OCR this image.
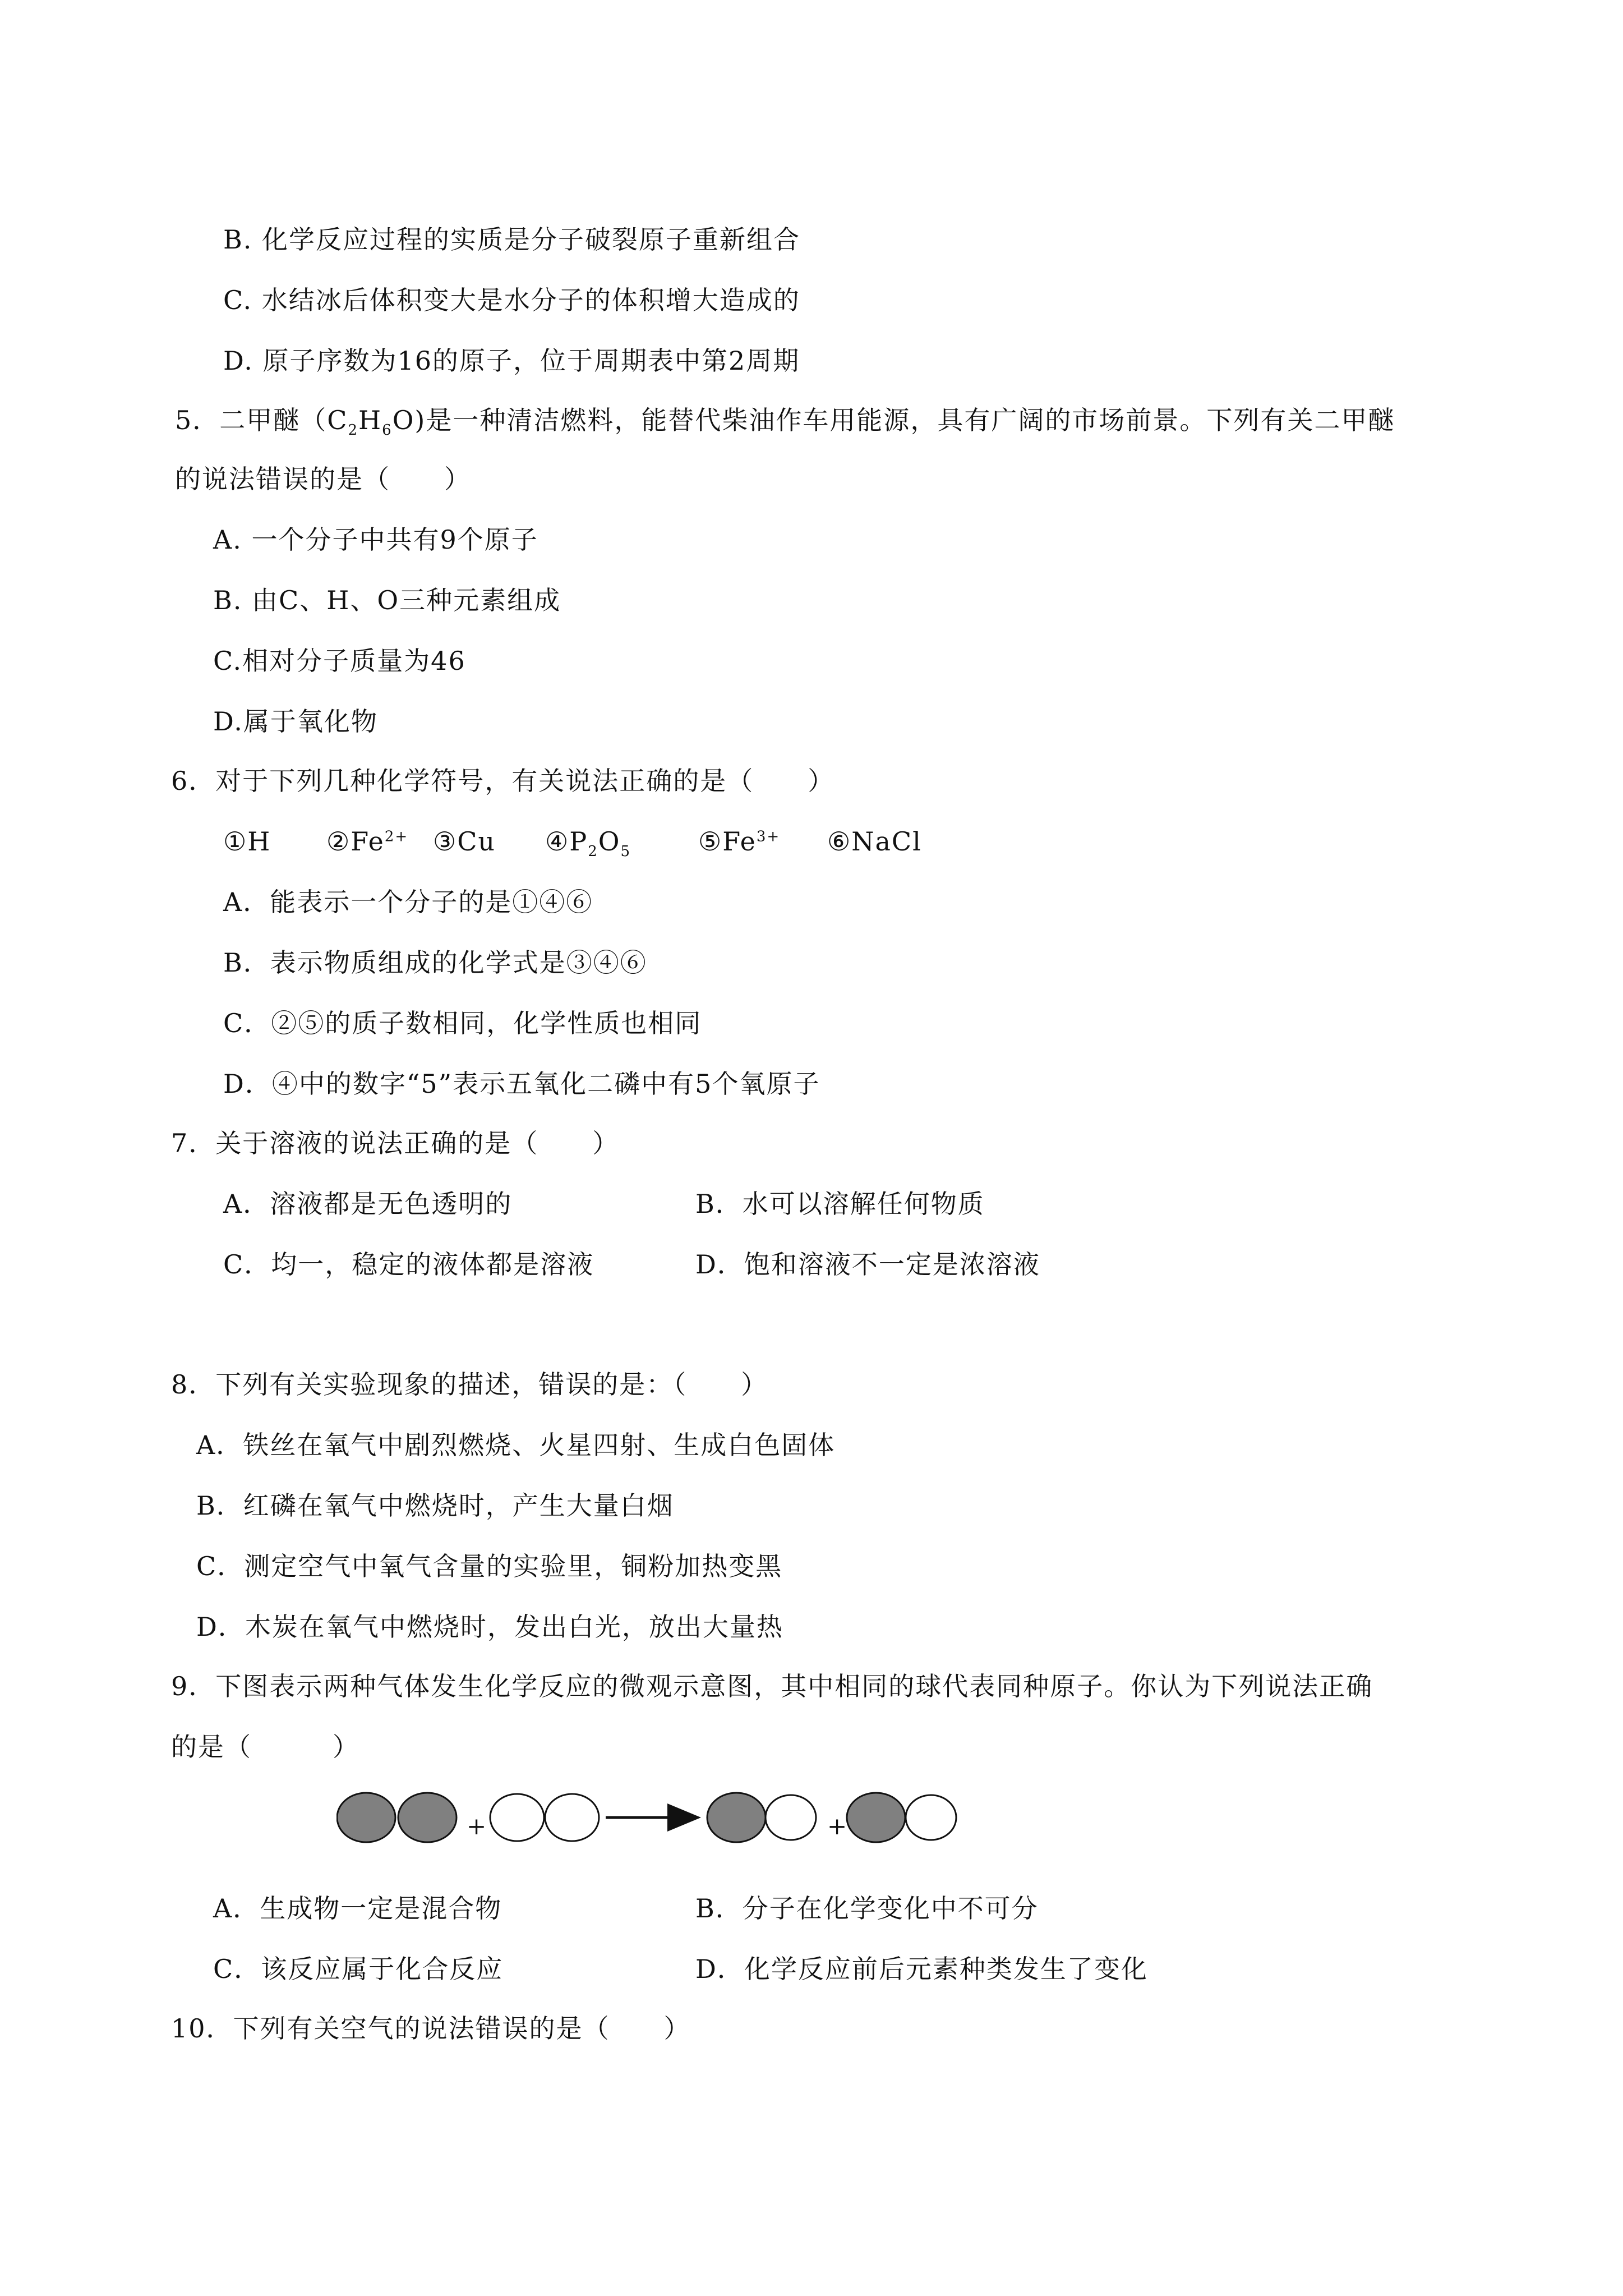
B. 化学反应过程的实质是分子破裂原子重新组合
C. 水结冰后体积变大是水分子的体积增大造成的
D. 原子序数为16的原子，位于周期表中第2周期
5．二甲醚$(C_2H_6O)$是一种清洁燃料，能替代柴油作车用能源，具有广阔的市场前景。下列有关二甲醚
的说法错误的是（　　）
A. 一个分子中共有9个原子
B. 由C、H、O三种元素组成
C.相对分子质量为46
D.属于氧化物
6．对于下列几种化学符号，有关说法正确的是（　　）
①H $②Fe^{2+}$ ③Cu $④P_2O_5$	$⑤Fe^{3+}$ ⑥NaCl
A．能表示一个分子的是①④⑥
B．表示物质组成的化学式是③④⑥
C．②⑤的质子数相同，化学性质也相同
D．④中的数字“5”表示五氧化二磷中有5个氧原子
7．关于溶液的说法正确的是（　　）
A．溶液都是无色透明的	B．水可以溶解任何物质
C．均一，稳定的液体都是溶液	D．饱和溶液不一定是浓溶液
8．下列有关实验现象的描述，错误的是：（　　）
A．铁丝在氧气中剧烈燃烧、火星四射、生成白色固体
B．红磷在氧气中燃烧时，产生大量白烟
C．测定空气中氧气含量的实验里，铜粉加热变黑
D．木炭在氧气中燃烧时，发出白光，放出大量热
9．下图表示两种气体发生化学反应的微观示意图，其中相同的球代表同种原子。你认为下列说法正确
的是（　　　）
+	+
A．生成物一定是混合物	B．分子在化学变化中不可分
C．该反应属于化合反应	D．化学反应前后元素种类发生了变化
10．下列有关空气的说法错误的是（　　）
